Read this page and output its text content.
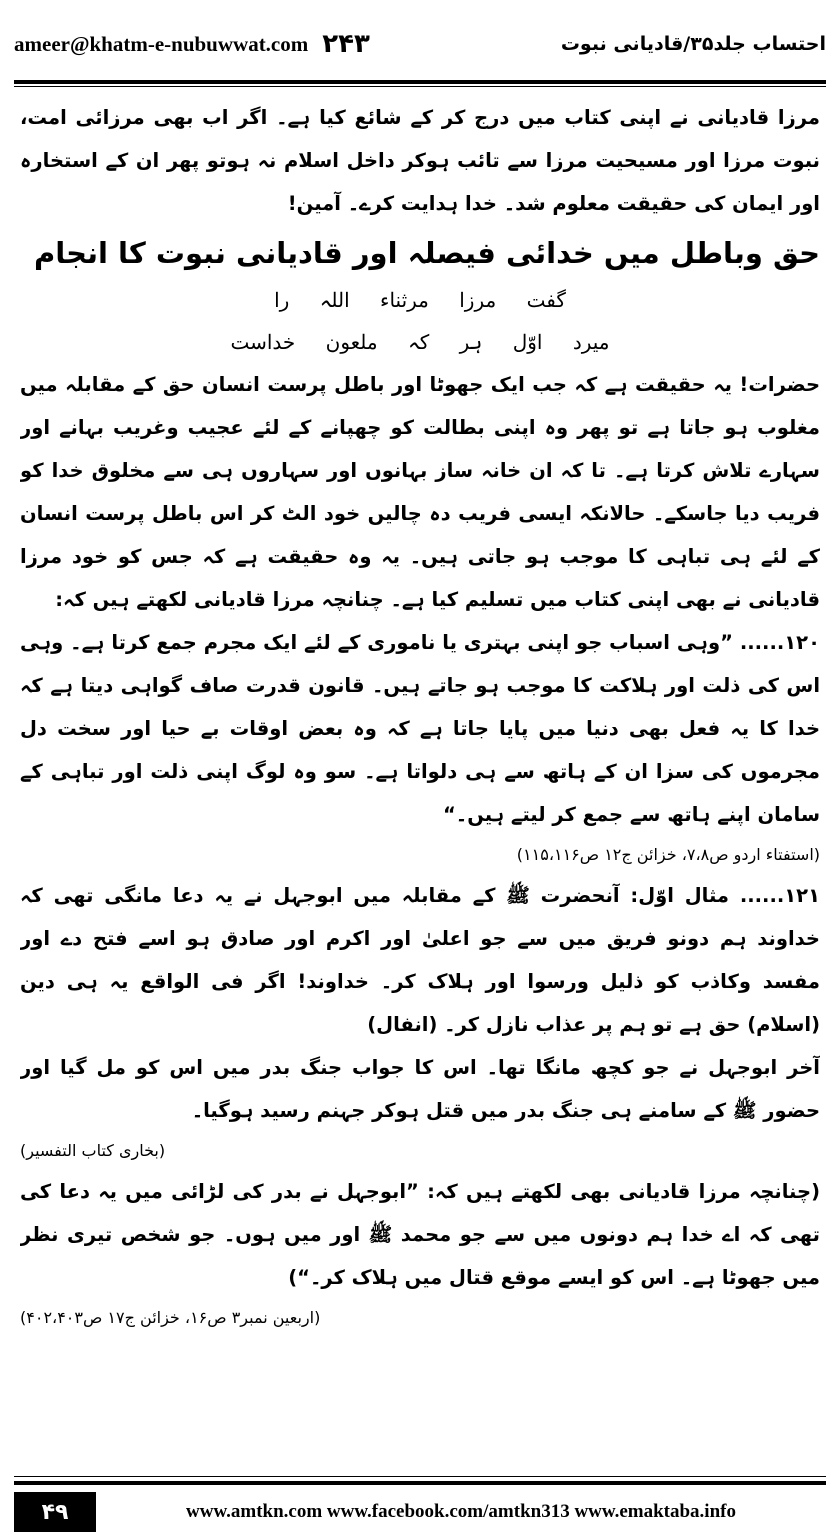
ameer@khatm-e-nubuwwat.com ۲۴۳	احتساب جلد۳۵/قادیانی نبوت

مرزا قادیانی نے اپنی کتاب میں درج کر کے شائع کیا ہے۔ اگر اب بھی مرزائی امت، نبوت مرزا اور مسیحیت مرزا سے تائب ہوکر داخل اسلام نہ ہوتو پھر ان کے استخارہ اور ایمان کی حقیقت معلوم شد۔ خدا ہدایت کرے۔ آمین!

حق وباطل میں خدائی فیصلہ اور قادیانی نبوت کا انجام

گفت مرزا مرثناء اللہ را

میرد اوّل ہر کہ ملعون خداست

حضرات! یہ حقیقت ہے کہ جب ایک جھوٹا اور باطل پرست انسان حق کے مقابلہ میں مغلوب ہو جاتا ہے تو پھر وہ اپنی بطالت کو چھپانے کے لئے عجیب وغریب بہانے اور سہارے تلاش کرتا ہے۔ تا کہ ان خانہ ساز بہانوں اور سہاروں ہی سے مخلوق خدا کو فریب دیا جاسکے۔ حالانکہ ایسی فریب دہ چالیں خود الٹ کر اس باطل پرست انسان کے لئے ہی تباہی کا موجب ہو جاتی ہیں۔ یہ وہ حقیقت ہے کہ جس کو خود مرزا قادیانی نے بھی اپنی کتاب میں تسلیم کیا ہے۔ چنانچہ مرزا قادیانی لکھتے ہیں کہ:

۱۲۰...... ”وہی اسباب جو اپنی بہتری یا ناموری کے لئے ایک مجرم جمع کرتا ہے۔ وہی اس کی ذلت اور ہلاکت کا موجب ہو جاتے ہیں۔ قانون قدرت صاف گواہی دیتا ہے کہ خدا کا یہ فعل بھی دنیا میں پایا جاتا ہے کہ وہ بعض اوقات بے حیا اور سخت دل مجرموں کی سزا ان کے ہاتھ سے ہی دلواتا ہے۔ سو وہ لوگ اپنی ذلت اور تباہی کے سامان اپنے ہاتھ سے جمع کر لیتے ہیں۔“

(استفتاء اردو ص۷،۸، خزائن ج۱۲ ص۱۱۵،۱۱۶)

۱۲۱...... مثال اوّل: آنحضرت ﷺ کے مقابلہ میں ابوجہل نے یہ دعا مانگی تھی کہ خداوند ہم دونو فریق میں سے جو اعلیٰ اور اکرم اور صادق ہو اسے فتح دے اور مفسد وکاذب کو ذلیل ورسوا اور ہلاک کر۔ خداوند! اگر فی الواقع یہ ہی دین (اسلام) حق ہے تو ہم پر عذاب نازل کر۔ (انفال)

آخر ابوجہل نے جو کچھ مانگا تھا۔ اس کا جواب جنگ بدر میں اس کو مل گیا اور حضور ﷺ کے سامنے ہی جنگ بدر میں قتل ہوکر جہنم رسید ہوگیا۔

(بخاری کتاب التفسیر)

(چنانچہ مرزا قادیانی بھی لکھتے ہیں کہ: ”ابوجہل نے بدر کی لڑائی میں یہ دعا کی تھی کہ اے خدا ہم دونوں میں سے جو محمد ﷺ اور میں ہوں۔ جو شخص تیری نظر میں جھوٹا ہے۔ اس کو ایسے موقع قتال میں ہلاک کر۔“)

(اربعین نمبر۳ ص۱۶، خزائن ج۱۷ ص۴۰۲،۴۰۳)

۴۹	www.amtkn.com www.facebook.com/amtkn313 www.emaktaba.info
